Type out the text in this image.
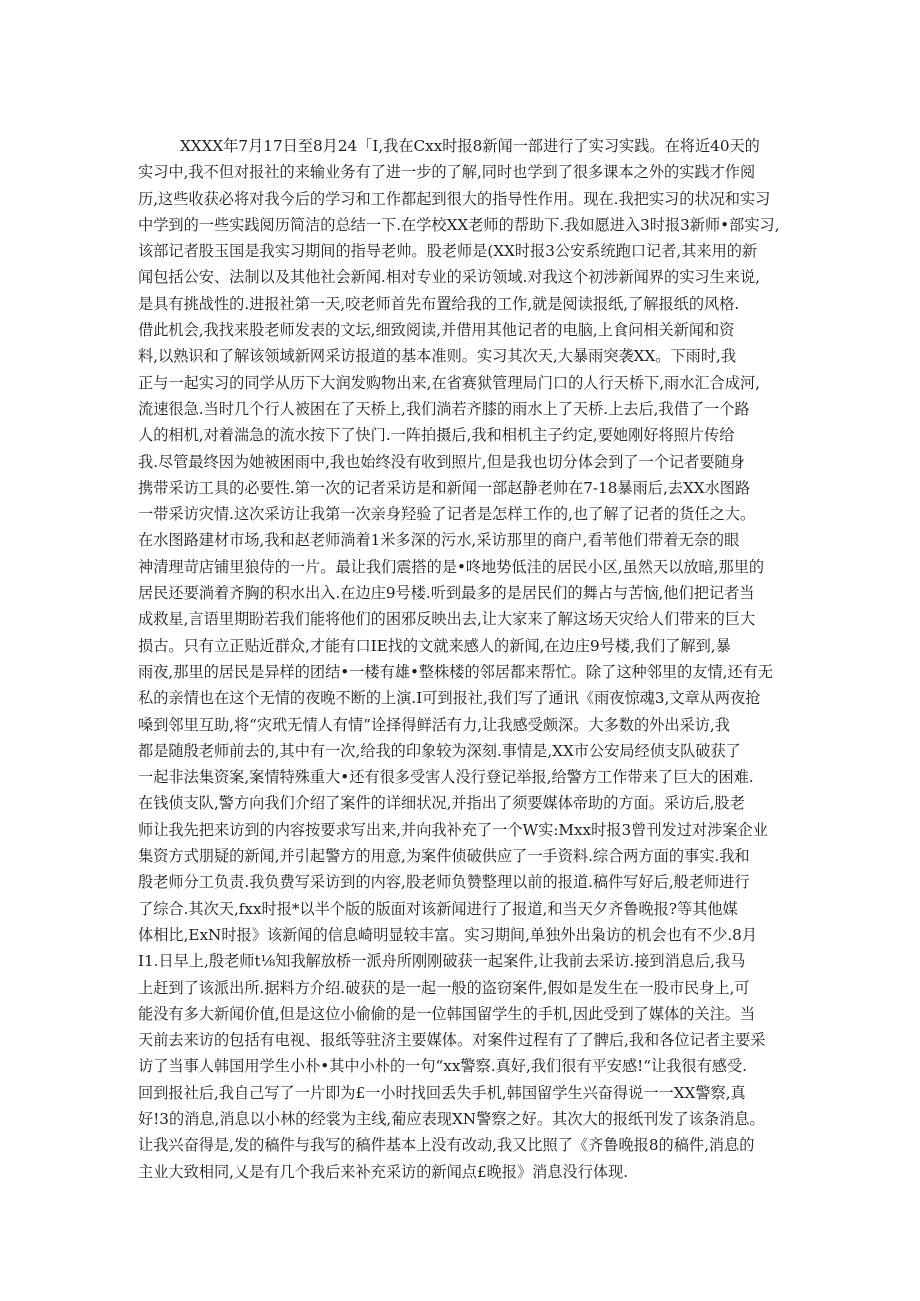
XXXX年7月17日至8月24「I,我在Cxx时报8新闻一部进行了实习实践。在将近40天的

实习中,我不但对报社的来输业务有了进一步的了解,同时也学到了很多课本之外的实践才作阅

历,这些收获必将对我今后的学习和工作都起到很大的指导性作用。现在.我把实习的状况和实习

中学到的一些实践阅历简洁的总结一下.在学校XX老师的帮助下.我如愿进入3时报3新师•部实习,

该部记者股玉国是我实习期间的指导老帅。股老师是(XX时报3公安系统跑口记者,其来用的新

闻包括公安、法制以及其他社会新闻.相对专业的采访领域.对我这个初涉新闻界的实习生来说,

是具有挑战性的.进报社第一天,咬老师首先布置给我的工作,就是阅读报纸,了解报纸的风格.

借此机会,我找来股老师发表的文坛,细致阅读,并借用其他记者的电脑,上食问相关新闻和资

料,以熟识和了解该领域新网采访报道的基本准则。实习其次天,大暴雨突袭XX。下雨时,我

正与一起实习的同学从历下大润发购物出来,在省赛狱管理局门口的人行天桥下,雨水汇合成河,

流速很急.当时几个行人被困在了天桥上,我们淌若齐膝的雨水上了天桥.上去后,我借了一个路

人的相机,对着湍急的流水按下了快门.一阵拍摄后,我和相机主子约定,要她刚好将照片传给

我.尽管最终因为她被困雨中,我也始终没有收到照片,但是我也切分体会到了一个记者要随身

携带采访工具的必要性.第一次的记者采访是和新闻一部赵静老帅在7-18暴雨后,去XX水图路

一带采访灾情.这次采访让我第一次亲身羟验了记者是怎样工作的,也了解了记者的货任之大。

在水图路建材市场,我和赵老师淌着1米多深的污水,采访那里的商户,看苇他们带着无奈的眼

神清理苛店铺里狼侍的一片。最让我们震搭的是•咚地势低洼的居民小区,虽然天以放暗,那里的

居民还要淌着齐胸的积水出入.在边庄9号楼.听到最多的是居民们的舞占与苦恼,他们把记者当

成救星,言语里期盼若我们能将他们的困邪反映出去,让大家来了解这场天灾给人们带来的巨大

损古。只有立正贴近群众,才能有口IE找的文就来感人的新闻,在边庄9号楼,我们了解到,暴

雨夜,那里的居民是异样的团结•一楼有雄•整株楼的邻居都来帮忙。除了这种邻里的友情,还有无

私的亲情也在这个无情的夜晚不断的上演.I可到报社,我们写了通讯《雨夜惊魂3,文章从两夜抢

嗓到邻里互助,将“灾玳无情人有情”诠择得鲜活有力,让我感受颇深。大多数的外出采访,我

都是随殷老师前去的,其中有一次,给我的印象较为深刻.事情是,XX市公安局经侦支队破获了

一起非法集资案,案情特殊重大•还有很多受害人没行登记举报,给警方工作带来了巨大的困难.

在钱侦支队,警方向我们介绍了案件的详细状况,并指出了须要媒体帝助的方面。采访后,股老

师让我先把来访到的内容按要求写出来,并向我补充了一个W实:Mxx时报3曾刊发过对涉案企业

集资方式朋疑的新闻,并引起警方的用意,为案件侦破供应了一手资料.综合两方面的事实.我和

殷老师分工负责.我负费写采访到的内容,股老师负赞整理以前的报道.稿件写好后,般老师进行

了综合.其次天,fxx时报*以半个版的版面对该新闻进行了报道,和当天夕齐鲁晚报?等其他媒

体相比,ExN时报》该新闻的信息崎明显较丰富。实习期间,单独外出枭访的机会也有不少.8月

I1.日早上,殷老师t⅛知我解放桥一派舟所刚刚破获一起案件,让我前去采访.接到消息后,我马

上赶到了该派出所.据料方介绍.破获的是一起一般的盗窃案件,假如是发生在一股市民身上,可

能没有多大新闻价值,但是这位小偷偷的是一位韩国留学生的手机,因此受到了媒体的关注。当

天前去来访的包括有电视、报纸等驻济主要媒体。对案件过程有了了髀后,我和各位记者主要采

访了当事人韩国用学生小朴•其中小朴的一句“xx警察.真好,我们很有平安感!“让我很有感受.

回到报社后,我自己写了一片即为£一小时找回丢失手机,韩国留学生兴奋得说一一XX警察,真

好!3的消息,消息以小林的经裳为主线,葡应表现XN警察之好。其次大的报纸刊发了该条消息。

让我兴奋得是,发的稿件与我写的稿件基本上没有改动,我又比照了《齐鲁晚报8的稿件,消息的

主业大致相同,乂是有几个我后来补充采访的新闻点£晚报》消息没行体现.
